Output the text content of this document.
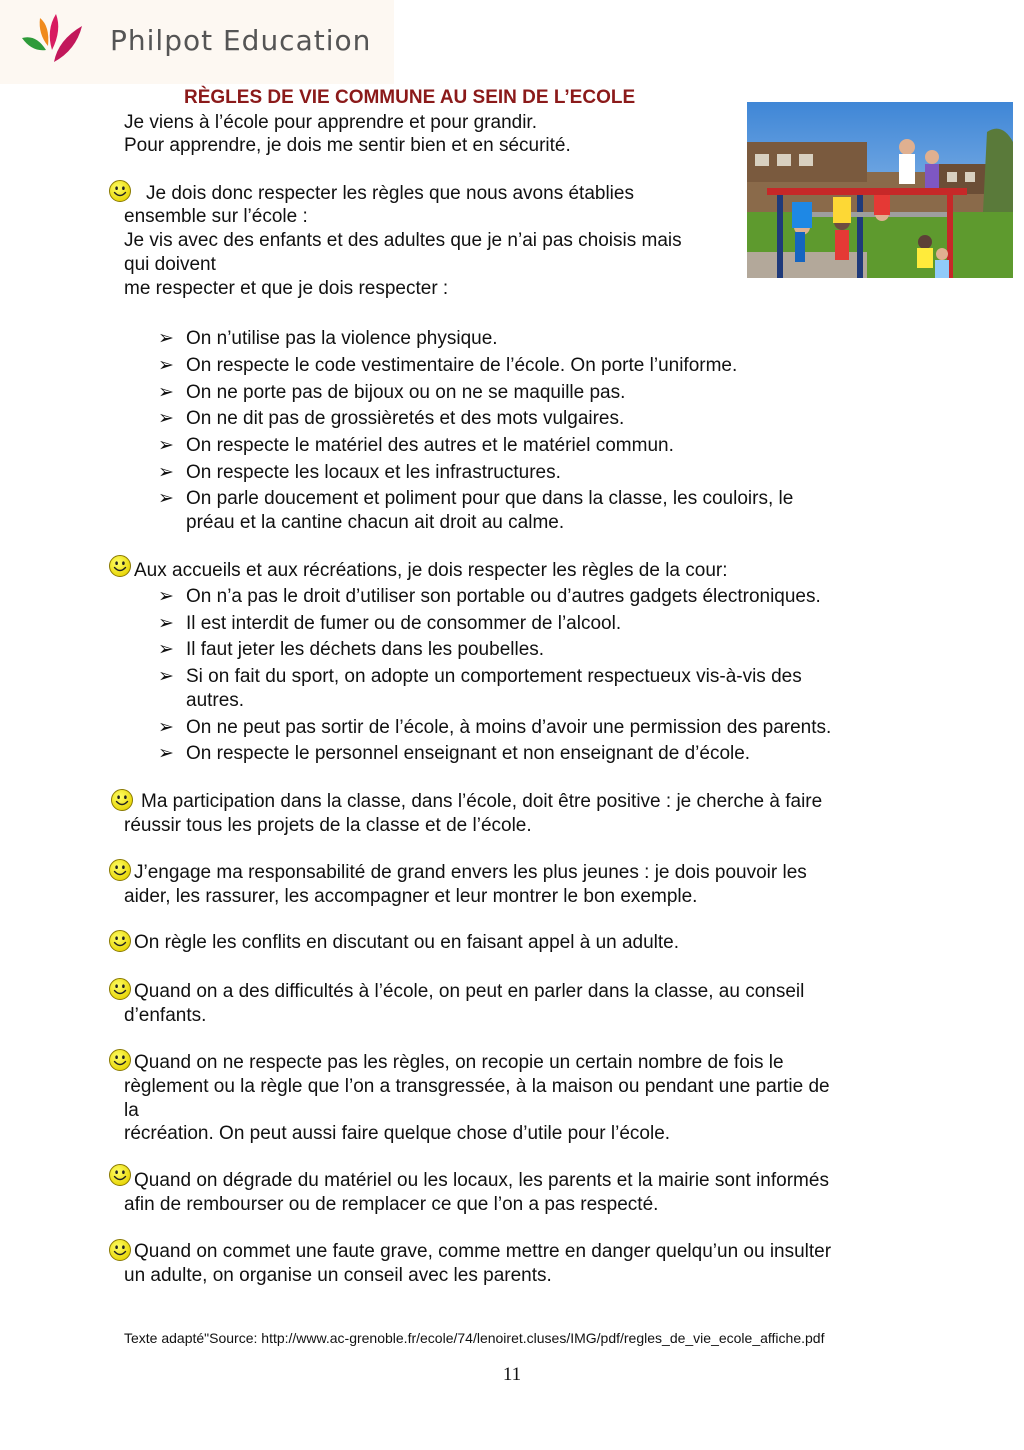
Philpot Education
RÈGLES DE VIE COMMUNE AU SEIN DE L’ECOLE
Je viens à l’école pour apprendre et pour grandir.
Pour apprendre, je dois me sentir bien et en sécurité.
Je dois donc respecter les règles que nous avons établies
ensemble sur l’école :
Je vis avec des enfants et des adultes que je n’ai pas choisis mais
qui doivent
me respecter et que je dois respecter :
➢ On n’utilise pas la violence physique.
➢ On respecte le code vestimentaire de l’école. On porte l’uniforme.
➢ On ne porte pas de bijoux ou on ne se maquille pas.
➢ On ne dit pas de grossièretés et des mots vulgaires.
➢ On respecte le matériel des autres et le matériel commun.
➢ On respecte les locaux et les infrastructures.
➢ On parle doucement et poliment pour que dans la classe, les couloirs, le
préau et la cantine chacun ait droit au calme.
Aux accueils et aux récréations, je dois respecter les règles de la cour:
➢ On n’a pas le droit d’utiliser son portable ou d’autres gadgets électroniques.
➢ Il est interdit de fumer ou de consommer de l’alcool.
➢ Il faut jeter les déchets dans les poubelles.
➢ Si on fait du sport, on adopte un comportement respectueux vis-à-vis des
autres.
➢ On ne peut pas sortir de l’école, à moins d’avoir une permission des parents.
➢ On respecte le personnel enseignant et non enseignant de d’école.
Ma participation dans la classe, dans l’école, doit être positive : je cherche à faire
réussir tous les projets de la classe et de l’école.
J’engage ma responsabilité de grand envers les plus jeunes : je dois pouvoir les
aider, les rassurer, les accompagner et leur montrer le bon exemple.
On règle les conflits en discutant ou en faisant appel à un adulte.
Quand on a des difficultés à l’école, on peut en parler dans la classe, au conseil
d’enfants.
Quand on ne respecte pas les règles, on recopie un certain nombre de fois le
règlement ou la règle que l’on a transgressée, à la maison ou pendant une partie de
la
récréation. On peut aussi faire quelque chose d’utile pour l’école.
Quand on dégrade du matériel ou les locaux, les parents et la mairie sont informés
afin de rembourser ou de remplacer ce que l’on a pas respecté.
Quand on commet une faute grave, comme mettre en danger quelqu’un ou insulter
un adulte, on organise un conseil avec les parents.
Texte adapté"Source: http://www.ac-grenoble.fr/ecole/74/lenoiret.cluses/IMG/pdf/regles_de_vie_ecole_affiche.pdf
11
